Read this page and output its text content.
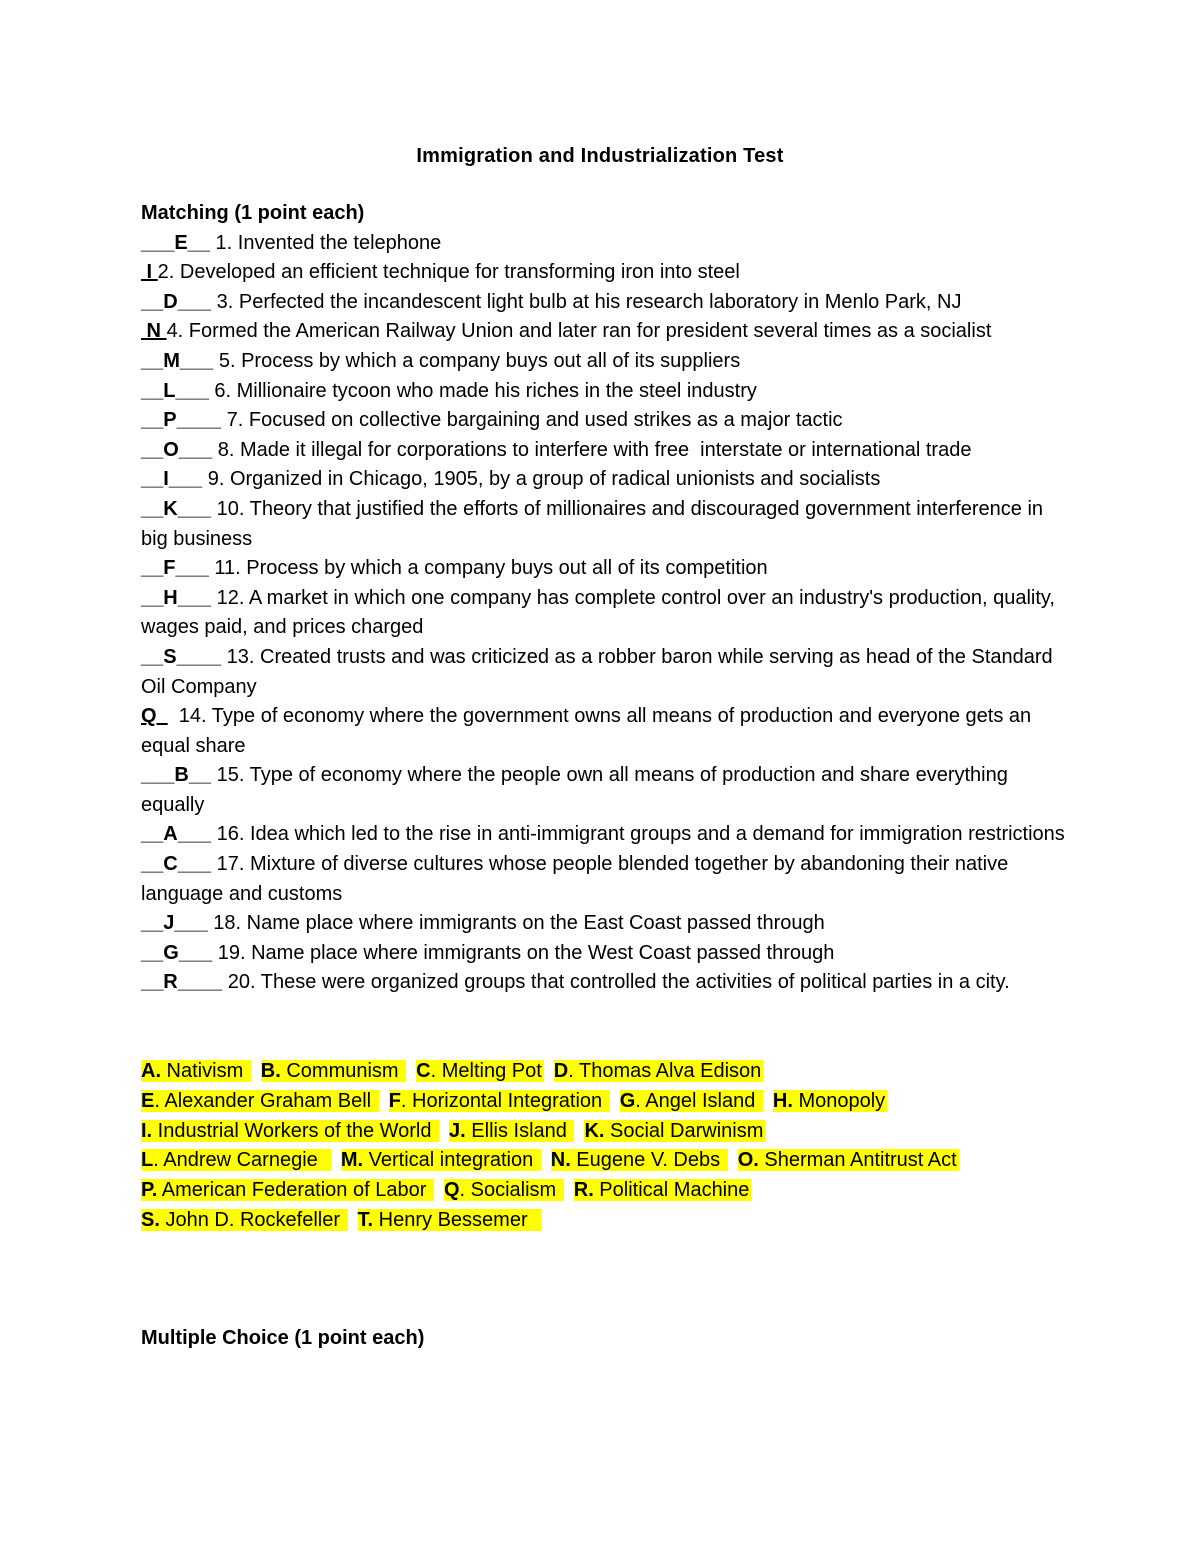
Immigration and Industrialization Test
Matching (1 point each)
___E__ 1. Invented the telephone
I 2. Developed an efficient technique for transforming iron into steel
__D___ 3. Perfected the incandescent light bulb at his research laboratory in Menlo Park, NJ
N 4. Formed the American Railway Union and later ran for president several times as a socialist
__M___ 5. Process by which a company buys out all of its suppliers
__L___ 6. Millionaire tycoon who made his riches in the steel industry
__P____ 7. Focused on collective bargaining and used strikes as a major tactic
__O___ 8. Made it illegal for corporations to interfere with free  interstate or international trade
__I___ 9. Organized in Chicago, 1905, by a group of radical unionists and socialists
__K___ 10. Theory that justified the efforts of millionaires and discouraged government interference in big business
__F___ 11. Process by which a company buys out all of its competition
__H___ 12. A market in which one company has complete control over an industry's production, quality, wages paid, and prices charged
__S____ 13. Created trusts and was criticized as a robber baron while serving as head of the Standard Oil Company
Q    14. Type of economy where the government owns all means of production and everyone gets an equal share
___B__ 15. Type of economy where the people own all means of production and share everything equally
__A___ 16. Idea which led to the rise in anti-immigrant groups and a demand for immigration restrictions
__C___ 17. Mixture of diverse cultures whose people blended together by abandoning their native language and customs
__J___ 18. Name place where immigrants on the East Coast passed through
__G___ 19. Name place where immigrants on the West Coast passed through
__R____ 20. These were organized groups that controlled the activities of political parties in a city.
A. Nativism B. Communism C. Melting Pot D. Thomas Alva Edison
E. Alexander Graham Bell F. Horizontal Integration G. Angel Island H. Monopoly
I. Industrial Workers of the World J. Ellis Island K. Social Darwinism
L. Andrew Carnegie  M. Vertical integration N. Eugene V. Debs O. Sherman Antitrust Act
P. American Federation of Labor Q. Socialism R. Political Machine
S. John D. Rockefeller T. Henry Bessemer
Multiple Choice (1 point each)
